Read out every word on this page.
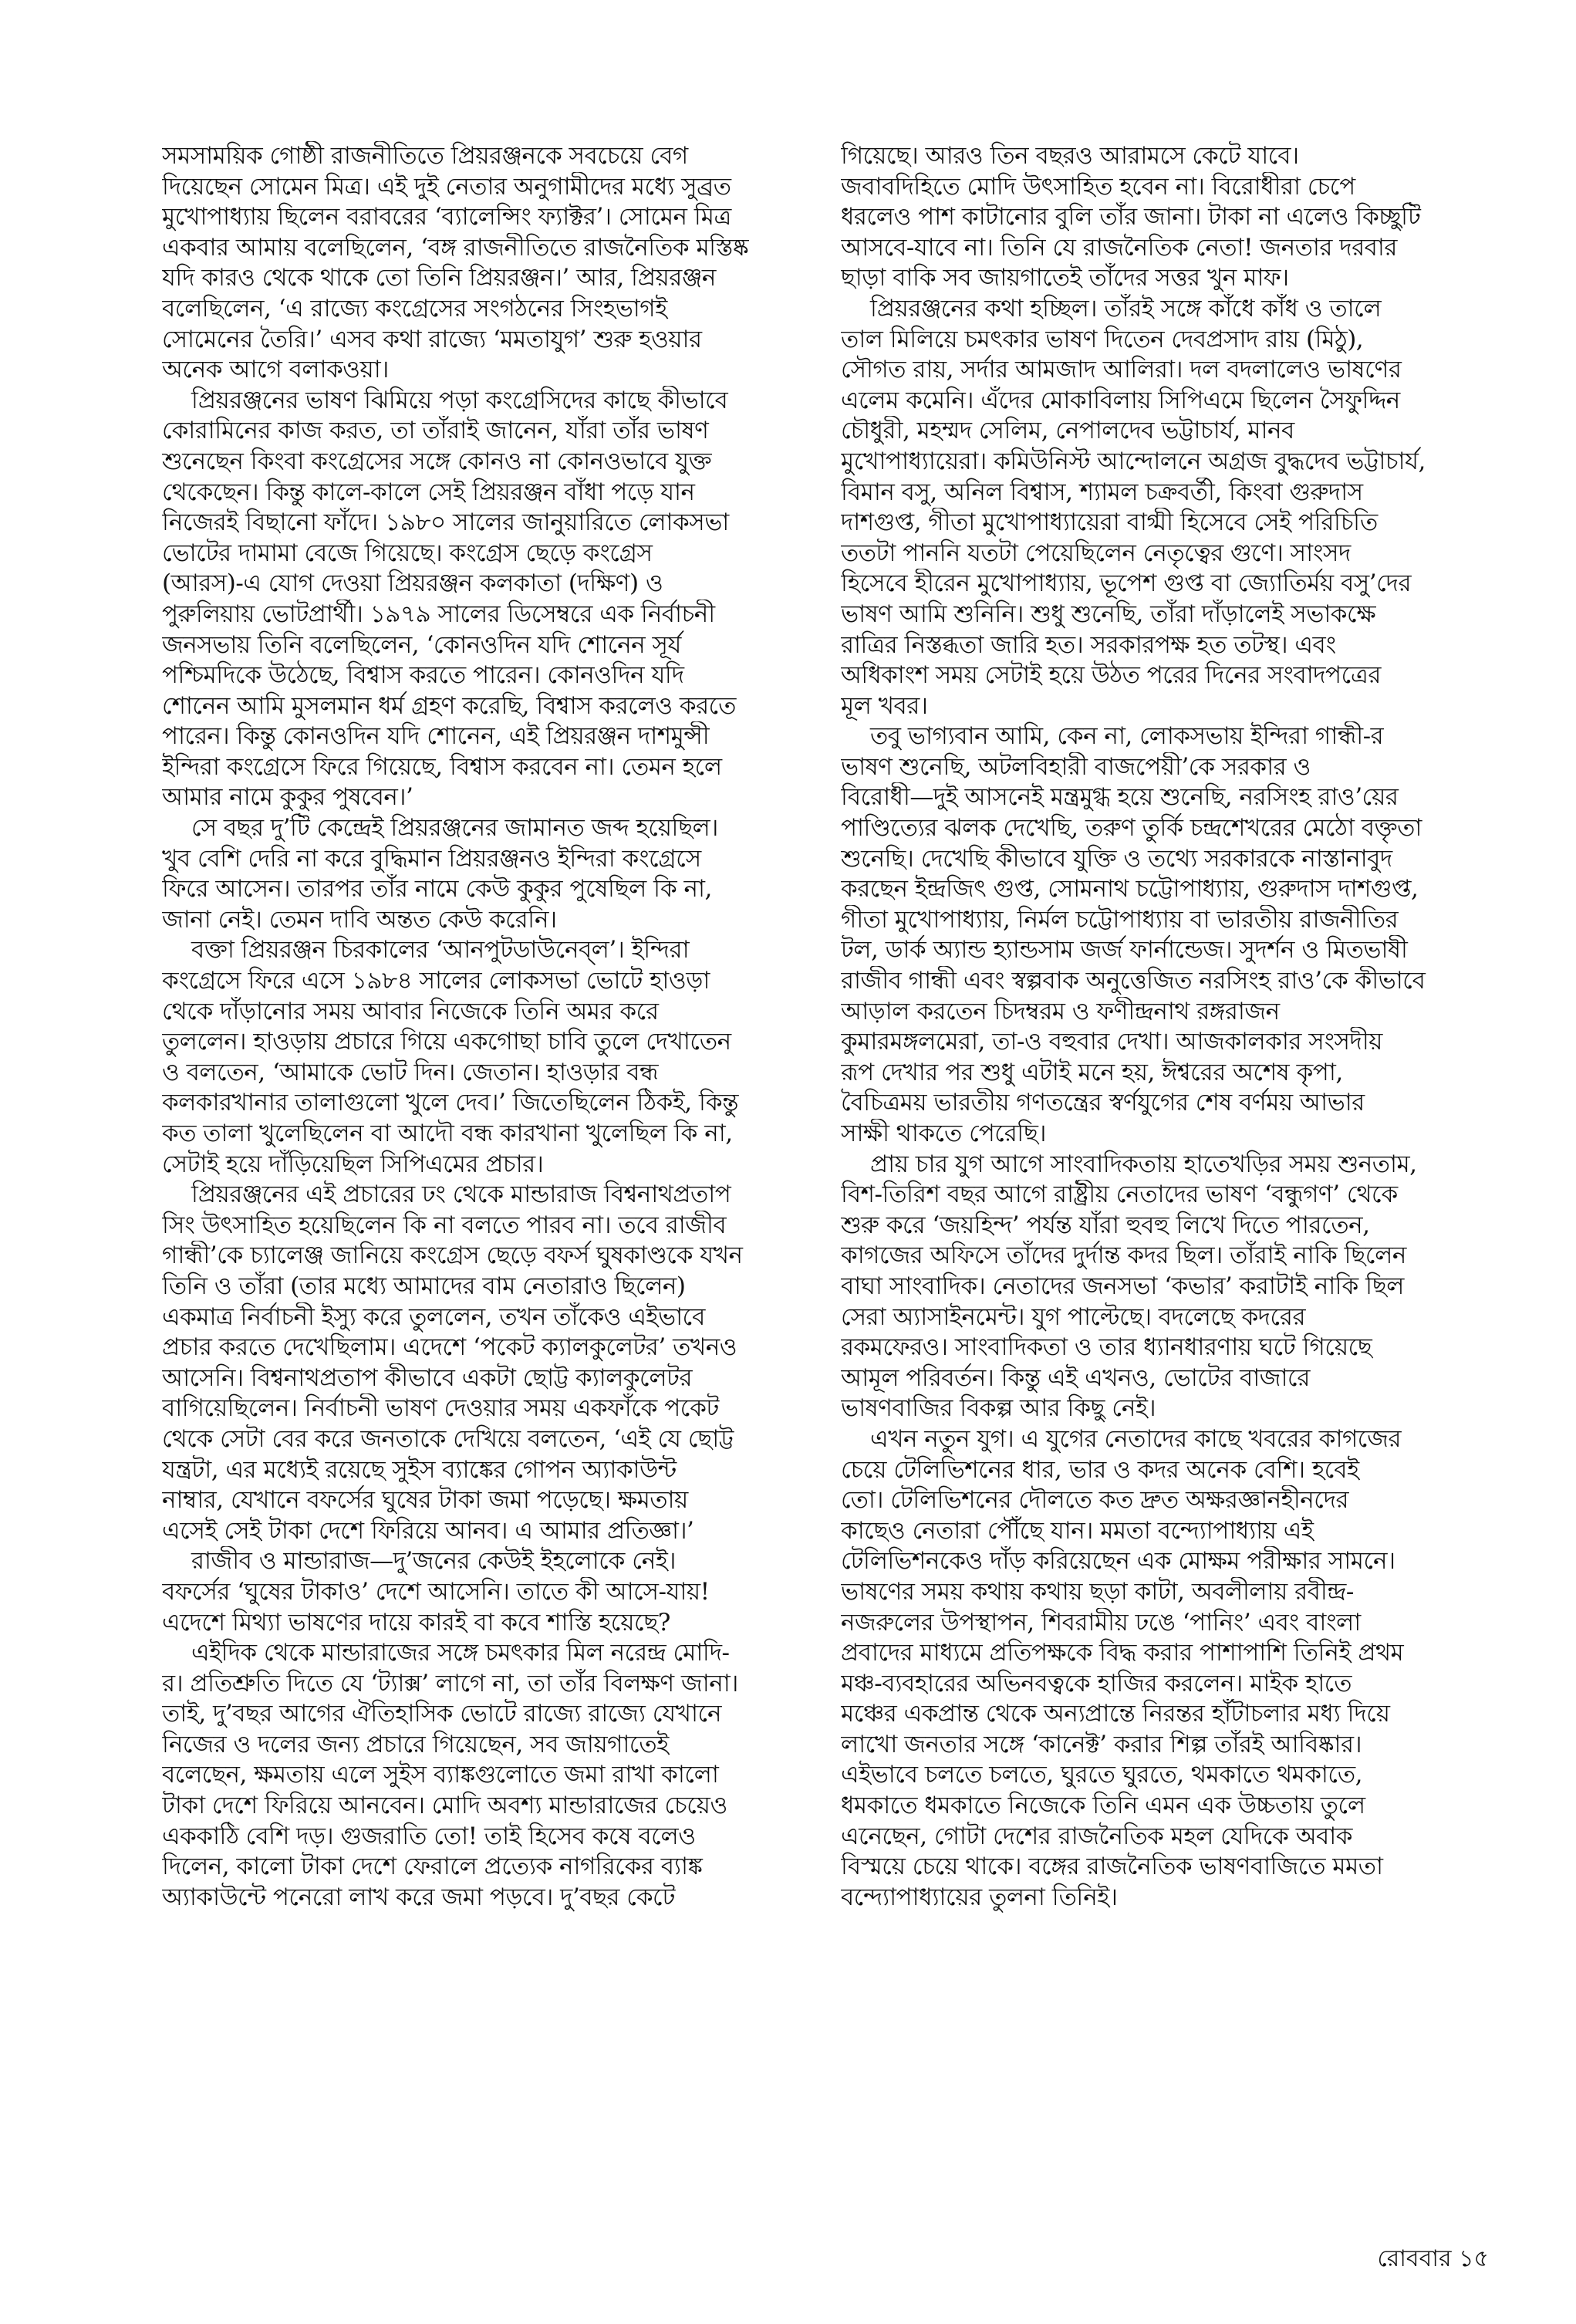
সমসাময়িক গোষ্ঠী রাজনীতিতে প্রিয়রঞ্জনকে সবচেয়ে বেগ
দিয়েছেন সোমেন মিত্র। এই দুই নেতার অনুগামীদের মধ্যে সুব্রত
মুখোপাধ্যায় ছিলেন বরাবরের ‘ব্যালেন্সিং ফ্যাক্টর’। সোমেন মিত্র
একবার আমায় বলেছিলেন, ‘বঙ্গ রাজনীতিতে রাজনৈতিক মস্তিষ্ক
যদি কারও থেকে থাকে তো তিনি প্রিয়রঞ্জন।’ আর, প্রিয়রঞ্জন
বলেছিলেন, ‘এ রাজ্যে কংগ্রেসের সংগঠনের সিংহভাগই
সোমেনের তৈরি।’ এসব কথা রাজ্যে ‘মমতাযুগ’ শুরু হওয়ার
অনেক আগে বলাকওয়া।
প্রিয়রঞ্জনের ভাষণ ঝিমিয়ে পড়া কংগ্রেসিদের কাছে কীভাবে
কোরামিনের কাজ করত, তা তাঁরাই জানেন, যাঁরা তাঁর ভাষণ
শুনেছেন কিংবা কংগ্রেসের সঙ্গে কোনও না কোনওভাবে যুক্ত
থেকেছেন। কিন্তু কালে-কালে সেই প্রিয়রঞ্জন বাঁধা পড়ে যান
নিজেরই বিছানো ফাঁদে। ১৯৮০ সালের জানুয়ারিতে লোকসভা
ভোটের দামামা বেজে গিয়েছে। কংগ্রেস ছেড়ে কংগ্রেস
(আরস)-এ যোগ দেওয়া প্রিয়রঞ্জন কলকাতা (দক্ষিণ) ও
পুরুলিয়ায় ভোটপ্রার্থী। ১৯৭৯ সালের ডিসেম্বরে এক নির্বাচনী
জনসভায় তিনি বলেছিলেন, ‘কোনওদিন যদি শোনেন সূর্য
পশ্চিমদিকে উঠেছে, বিশ্বাস করতে পারেন। কোনওদিন যদি
শোনেন আমি মুসলমান ধর্ম গ্রহণ করেছি, বিশ্বাস করলেও করতে
পারেন। কিন্তু কোনওদিন যদি শোনেন, এই প্রিয়রঞ্জন দাশমুন্সী
ইন্দিরা কংগ্রেসে ফিরে গিয়েছে, বিশ্বাস করবেন না। তেমন হলে
আমার নামে কুকুর পুষবেন।’
সে বছর দু’টি কেন্দ্রেই প্রিয়রঞ্জনের জামানত জব্দ হয়েছিল।
খুব বেশি দেরি না করে বুদ্ধিমান প্রিয়রঞ্জনও ইন্দিরা কংগ্রেসে
ফিরে আসেন। তারপর তাঁর নামে কেউ কুকুর পুষেছিল কি না,
জানা নেই। তেমন দাবি অন্তত কেউ করেনি।
বক্তা প্রিয়রঞ্জন চিরকালের ‘আনপুটডাউনেব্‌ল’। ইন্দিরা
কংগ্রেসে ফিরে এসে ১৯৮৪ সালের লোকসভা ভোটে হাওড়া
থেকে দাঁড়ানোর সময় আবার নিজেকে তিনি অমর করে
তুললেন। হাওড়ায় প্রচারে গিয়ে একগোছা চাবি তুলে দেখাতেন
ও বলতেন, ‘আমাকে ভোট দিন। জেতান। হাওড়ার বন্ধ
কলকারখানার তালাগুলো খুলে দেব।’ জিতেছিলেন ঠিকই, কিন্তু
কত তালা খুলেছিলেন বা আদৌ বন্ধ কারখানা খুলেছিল কি না,
সেটাই হয়ে দাঁড়িয়েছিল সিপিএমের প্রচার।
প্রিয়রঞ্জনের এই প্রচারের ঢং থেকে মান্ডারাজ বিশ্বনাথপ্রতাপ
সিং উৎসাহিত হয়েছিলেন কি না বলতে পারব না। তবে রাজীব
গান্ধী’কে চ্যালেঞ্জ জানিয়ে কংগ্রেস ছেড়ে বফর্স ঘুষকাণ্ডকে যখন
তিনি ও তাঁরা (তার মধ্যে আমাদের বাম নেতারাও ছিলেন)
একমাত্র নির্বাচনী ইস্যু করে তুললেন, তখন তাঁকেও এইভাবে
প্রচার করতে দেখেছিলাম। এদেশে ‘পকেট ক্যালকুলেটর’ তখনও
আসেনি। বিশ্বনাথপ্রতাপ কীভাবে একটা ছোট্ট ক্যালকুলেটর
বাগিয়েছিলেন। নির্বাচনী ভাষণ দেওয়ার সময় একফাঁকে পকেট
থেকে সেটা বের করে জনতাকে দেখিয়ে বলতেন, ‘এই যে ছোট্ট
যন্ত্রটা, এর মধ্যেই রয়েছে সুইস ব্যাঙ্কের গোপন অ্যাকাউন্ট
নাম্বার, যেখানে বফর্সের ঘুষের টাকা জমা পড়েছে। ক্ষমতায়
এসেই সেই টাকা দেশে ফিরিয়ে আনব। এ আমার প্রতিজ্ঞা।’
রাজীব ও মান্ডারাজ—দু’জনের কেউই ইহলোকে নেই।
বফর্সের ‘ঘুষের টাকাও’ দেশে আসেনি। তাতে কী আসে-যায়!
এদেশে মিথ্যা ভাষণের দায়ে কারই বা কবে শাস্তি হয়েছে?
এইদিক থেকে মান্ডারাজের সঙ্গে চমৎকার মিল নরেন্দ্র মোদি-
র। প্রতিশ্রুতি দিতে যে ‘ট্যাক্স’ লাগে না, তা তাঁর বিলক্ষণ জানা।
তাই, দু’বছর আগের ঐতিহাসিক ভোটে রাজ্যে রাজ্যে যেখানে
নিজের ও দলের জন্য প্রচারে গিয়েছেন, সব জায়গাতেই
বলেছেন, ক্ষমতায় এলে সুইস ব্যাঙ্কগুলোতে জমা রাখা কালো
টাকা দেশে ফিরিয়ে আনবেন। মোদি অবশ্য মান্ডারাজের চেয়েও
এককাঠি বেশি দড়। গুজরাতি তো! তাই হিসেব কষে বলেও
দিলেন, কালো টাকা দেশে ফেরালে প্রত্যেক নাগরিকের ব্যাঙ্ক
অ্যাকাউন্টে পনেরো লাখ করে জমা পড়বে। দু’বছর কেটে
গিয়েছে। আরও তিন বছরও আরামসে কেটে যাবে।
জবাবদিহিতে মোদি উৎসাহিত হবেন না। বিরোধীরা চেপে
ধরলেও পাশ কাটানোর বুলি তাঁর জানা। টাকা না এলেও কিচ্ছুটি
আসবে-যাবে না। তিনি যে রাজনৈতিক নেতা! জনতার দরবার
ছাড়া বাকি সব জায়গাতেই তাঁদের সত্তর খুন মাফ।
প্রিয়রঞ্জনের কথা হচ্ছিল। তাঁরই সঙ্গে কাঁধে কাঁধ ও তালে
তাল মিলিয়ে চমৎকার ভাষণ দিতেন দেবপ্রসাদ রায় (মিঠু),
সৌগত রায়, সর্দার আমজাদ আলিরা। দল বদলালেও ভাষণের
এলেম কমেনি। এঁদের মোকাবিলায় সিপিএমে ছিলেন সৈফুদ্দিন
চৌধুরী, মহম্মদ সেলিম, নেপালদেব ভট্টাচার্য, মানব
মুখোপাধ্যায়েরা। কমিউনিস্ট আন্দোলনে অগ্রজ বুদ্ধদেব ভট্টাচার্য,
বিমান বসু, অনিল বিশ্বাস, শ্যামল চক্রবর্তী, কিংবা গুরুদাস
দাশগুপ্ত, গীতা মুখোপাধ্যায়েরা বাগ্মী হিসেবে সেই পরিচিতি
ততটা পাননি যতটা পেয়েছিলেন নেতৃত্বের গুণে। সাংসদ
হিসেবে হীরেন মুখোপাধ্যায়, ভূপেশ গুপ্ত বা জ্যোতির্ময় বসু’দের
ভাষণ আমি শুনিনি। শুধু শুনেছি, তাঁরা দাঁড়ালেই সভাকক্ষে
রাত্রির নিস্তব্ধতা জারি হত। সরকারপক্ষ হত তটস্থ। এবং
অধিকাংশ সময় সেটাই হয়ে উঠত পরের দিনের সংবাদপত্রের
মূল খবর।
তবু ভাগ্যবান আমি, কেন না, লোকসভায় ইন্দিরা গান্ধী-র
ভাষণ শুনেছি, অটলবিহারী বাজপেয়ী’কে সরকার ও
বিরোধী—দুই আসনেই মন্ত্রমুগ্ধ হয়ে শুনেছি, নরসিংহ রাও’য়ের
পাণ্ডিত্যের ঝলক দেখেছি, তরুণ তুর্কি চন্দ্রশেখরের মেঠো বক্তৃতা
শুনেছি। দেখেছি কীভাবে যুক্তি ও তথ্যে সরকারকে নাস্তানাবুদ
করছেন ইন্দ্রজিৎ গুপ্ত, সোমনাথ চট্টোপাধ্যায়, গুরুদাস দাশগুপ্ত,
গীতা মুখোপাধ্যায়, নির্মল চট্টোপাধ্যায় বা ভারতীয় রাজনীতির
টল, ডার্ক অ্যান্ড হ্যান্ডসাম জর্জ ফার্নান্ডেজ। সুদর্শন ও মিতভাষী
রাজীব গান্ধী এবং স্বল্পবাক অনুত্তেজিত নরসিংহ রাও’কে কীভাবে
আড়াল করতেন চিদম্বরম ও ফণীন্দ্রনাথ রঙ্গরাজন
কুমারমঙ্গলমেরা, তা-ও বহুবার দেখা। আজকালকার সংসদীয়
রূপ দেখার পর শুধু এটাই মনে হয়, ঈশ্বরের অশেষ কৃপা,
বৈচিত্রময় ভারতীয় গণতন্ত্রের স্বর্ণযুগের শেষ বর্ণময় আভার
সাক্ষী থাকতে পেরেছি।
প্রায় চার যুগ আগে সাংবাদিকতায় হাতেখড়ির সময় শুনতাম,
বিশ-তিরিশ বছর আগে রাষ্ট্রীয় নেতাদের ভাষণ ‘বন্ধুগণ’ থেকে
শুরু করে ‘জয়হিন্দ’ পর্যন্ত যাঁরা হুবহু লিখে দিতে পারতেন,
কাগজের অফিসে তাঁদের দুর্দান্ত কদর ছিল। তাঁরাই নাকি ছিলেন
বাঘা সাংবাদিক। নেতাদের জনসভা ‘কভার’ করাটাই নাকি ছিল
সেরা অ্যাসাইনমেন্ট। যুগ পাল্টেছে। বদলেছে কদরের
রকমফেরও। সাংবাদিকতা ও তার ধ্যানধারণায় ঘটে গিয়েছে
আমূল পরিবর্তন। কিন্তু এই এখনও, ভোটের বাজারে
ভাষণবাজির বিকল্প আর কিছু নেই।
এখন নতুন যুগ। এ যুগের নেতাদের কাছে খবরের কাগজের
চেয়ে টেলিভিশনের ধার, ভার ও কদর অনেক বেশি। হবেই
তো। টেলিভিশনের দৌলতে কত দ্রুত অক্ষরজ্ঞানহীনদের
কাছেও নেতারা পৌঁছে যান। মমতা বন্দ্যোপাধ্যায় এই
টেলিভিশনকেও দাঁড় করিয়েছেন এক মোক্ষম পরীক্ষার সামনে।
ভাষণের সময় কথায় কথায় ছড়া কাটা, অবলীলায় রবীন্দ্র-
নজরুলের উপস্থাপন, শিবরামীয় ঢঙে ‘পানিং’ এবং বাংলা
প্রবাদের মাধ্যমে প্রতিপক্ষকে বিদ্ধ করার পাশাপাশি তিনিই প্রথম
মঞ্চ-ব্যবহারের অভিনবত্বকে হাজির করলেন। মাইক হাতে
মঞ্চের একপ্রান্ত থেকে অন্যপ্রান্তে নিরন্তর হাঁটাচলার মধ্য দিয়ে
লাখো জনতার সঙ্গে ‘কানেক্ট’ করার শিল্প তাঁরই আবিষ্কার।
এইভাবে চলতে চলতে, ঘুরতে ঘুরতে, থমকাতে থমকাতে,
ধমকাতে ধমকাতে নিজেকে তিনি এমন এক উচ্চতায় তুলে
এনেছেন, গোটা দেশের রাজনৈতিক মহল যেদিকে অবাক
বিস্ময়ে চেয়ে থাকে। বঙ্গের রাজনৈতিক ভাষণবাজিতে মমতা
বন্দ্যোপাধ্যায়ের তুলনা তিনিই।
রোববার ১৫
